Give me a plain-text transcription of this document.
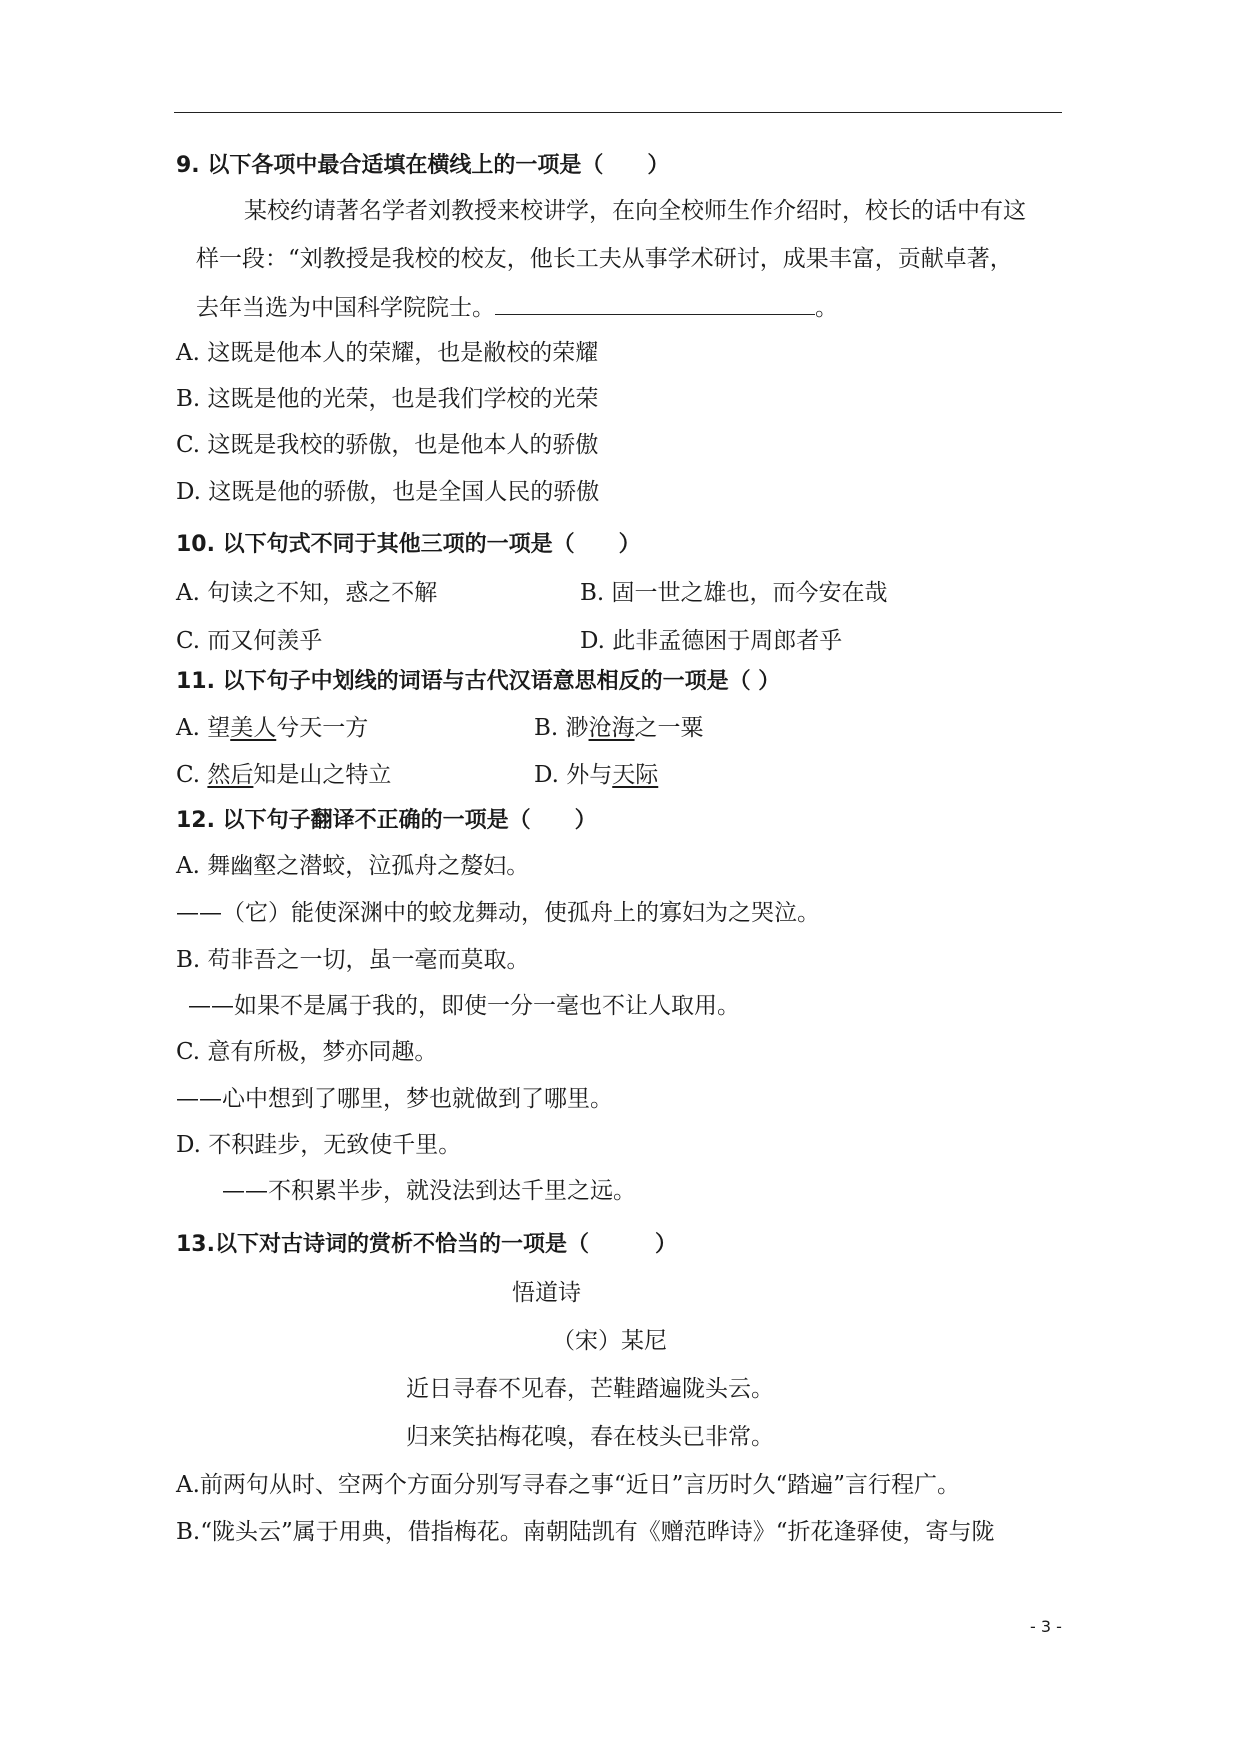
9. 以下各项中最合适填在横线上的一项是（　　）
某校约请著名学者刘教授来校讲学，在向全校师生作介绍时，校长的话中有这
样一段：“刘教授是我校的校友，他长工夫从事学术研讨，成果丰富，贡献卓著，
去年当选为中国科学院院士。	。
A. 这既是他本人的荣耀，也是敝校的荣耀
B. 这既是他的光荣，也是我们学校的光荣
C. 这既是我校的骄傲，也是他本人的骄傲
D. 这既是他的骄傲，也是全国人民的骄傲
10. 以下句式不同于其他三项的一项是（　　）
A. 句读之不知，惑之不解	B. 固一世之雄也，而今安在哉
C. 而又何羡乎	D. 此非孟德困于周郎者乎
11. 以下句子中划线的词语与古代汉语意思相反的一项是（ ）
A. 望美人兮天一方	B. 渺沧海之一粟
C. 然后知是山之特立	D. 外与天际
12. 以下句子翻译不正确的一项是（　　）
A. 舞幽壑之潜蛟，泣孤舟之嫠妇。
——（它）能使深渊中的蛟龙舞动，使孤舟上的寡妇为之哭泣。
B. 苟非吾之一切，虽一毫而莫取。
——如果不是属于我的，即使一分一毫也不让人取用。
C. 意有所极，梦亦同趣。
——心中想到了哪里，梦也就做到了哪里。
D. 不积跬步，无致使千里。
——不积累半步，就没法到达千里之远。
13.以下对古诗词的赏析不恰当的一项是（　　　）
悟道诗
（宋）某尼
近日寻春不见春，芒鞋踏遍陇头云。
归来笑拈梅花嗅，春在枝头已非常。
A.前两句从时、空两个方面分别写寻春之事“近日”言历时久“踏遍”言行程广。
B.“陇头云”属于用典，借指梅花。南朝陆凯有《赠范晔诗》“折花逢驿使，寄与陇
- 3 -
